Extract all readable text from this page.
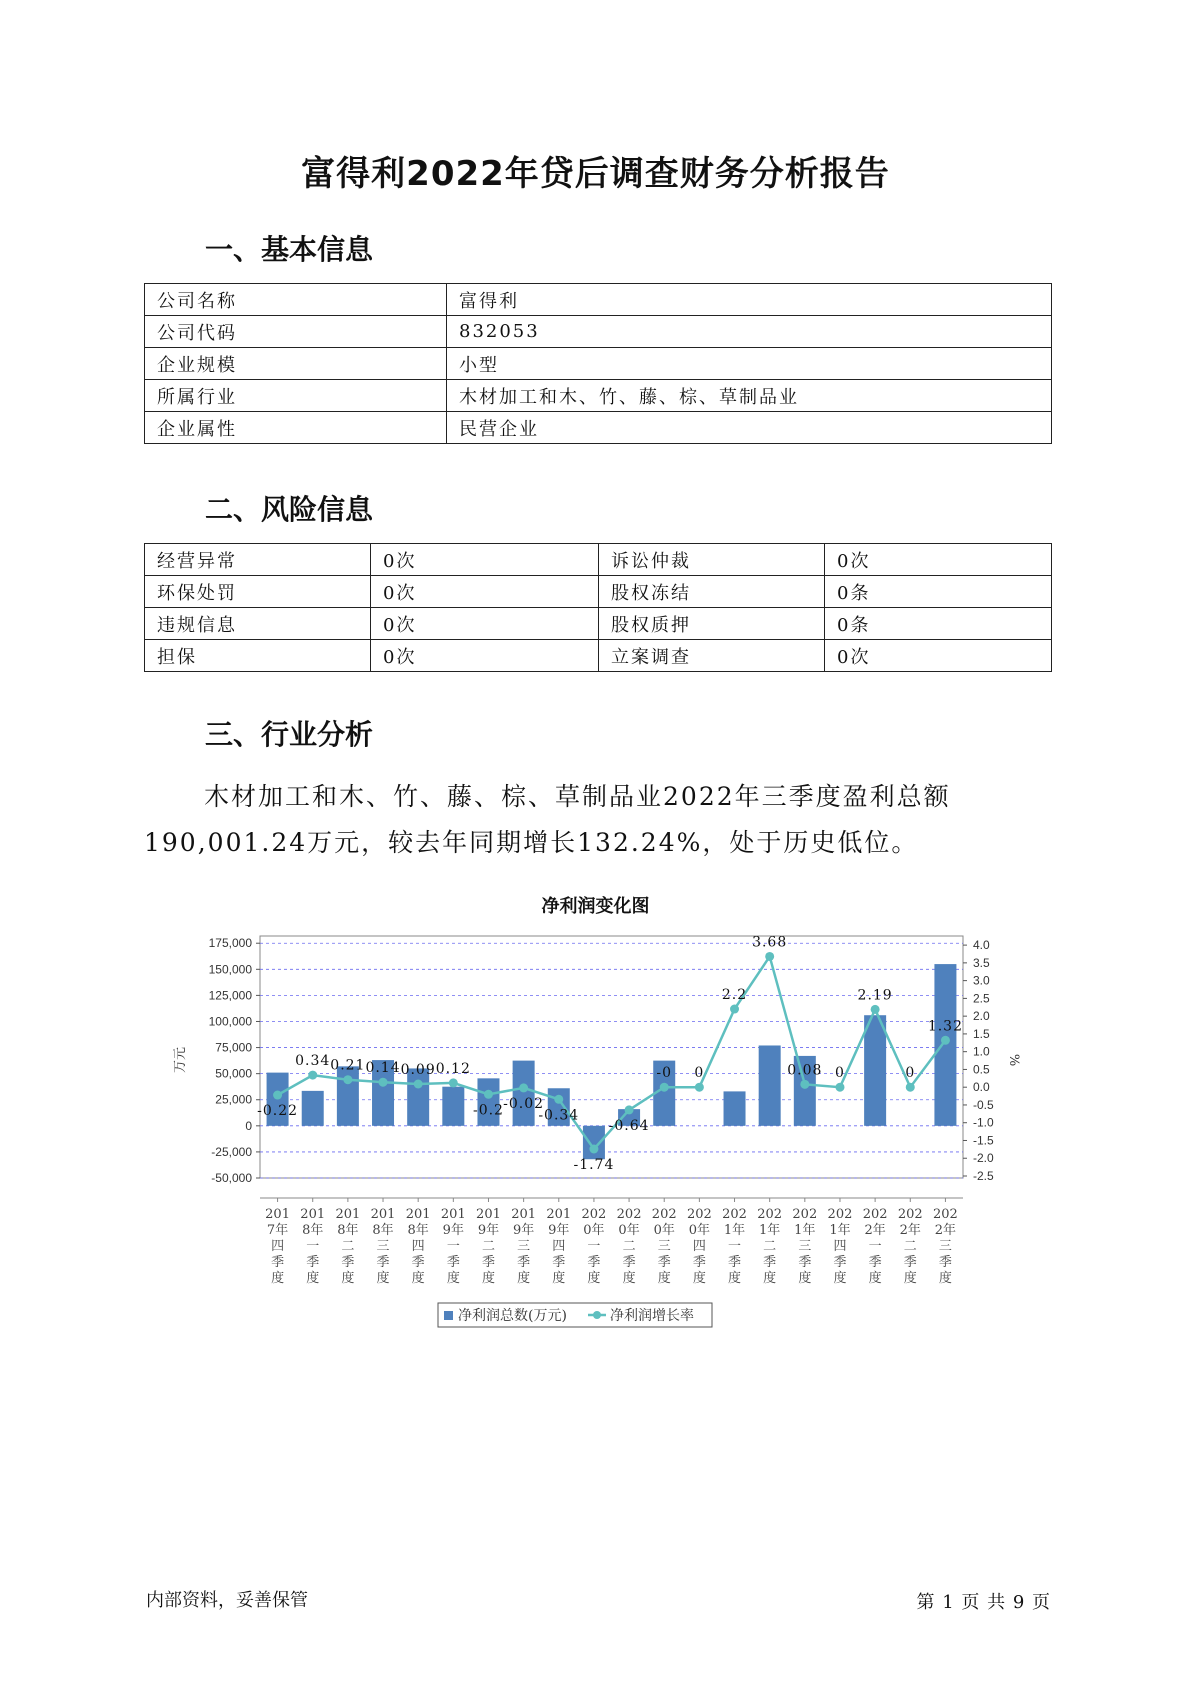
富得利2022年贷后调查财务分析报告
一、基本信息
公司名称	富得利
公司代码	832053
企业规模	小型
所属行业	木材加工和木、竹、藤、棕、草制品业
企业属性	民营企业
二、风险信息
经营异常	0次	诉讼仲裁	0次
环保处罚	0次	股权冻结	0条
违规信息	0次	股权质押	0条
担保	0次	立案调查	0次
三、行业分析
木材加工和木、竹、藤、棕、草制品业2022年三季度盈利总额
190,001.24万元，较去年同期增长132.24%，处于历史低位。
净利润变化图
175,000
150,000
125,000
100,000
75,000
50,000
25,000
0
-25,000
-50,000
4.0
3.5
3.0
2.5
2.0
1.5
1.0
0.5
0.0
-0.5
-1.0
-1.5
-2.0
-2.5
万元	%
-0.22
0.34 0.21 0.14 0.09 0.12
-0.2 -0.02
-0.34
-1.74
-0.64
-0 0
2.2
3.68
0.08 0
2.19
0
1.32
201 7年四季度
201 8年一季度
201 8年二季度
201 8年三季度
201 8年四季度
201 9年一季度
201 9年二季度
201 9年三季度
201 9年四季度
202 0年一季度
202 0年二季度
202 0年三季度
202 0年四季度
202 1年一季度
202 1年二季度
202 1年三季度
202 1年四季度
202 2年一季度
202 2年二季度
202 2年三季度
净利润总数(万元)	净利润增长率
内部资料，妥善保管	第 1 页 共 9 页
